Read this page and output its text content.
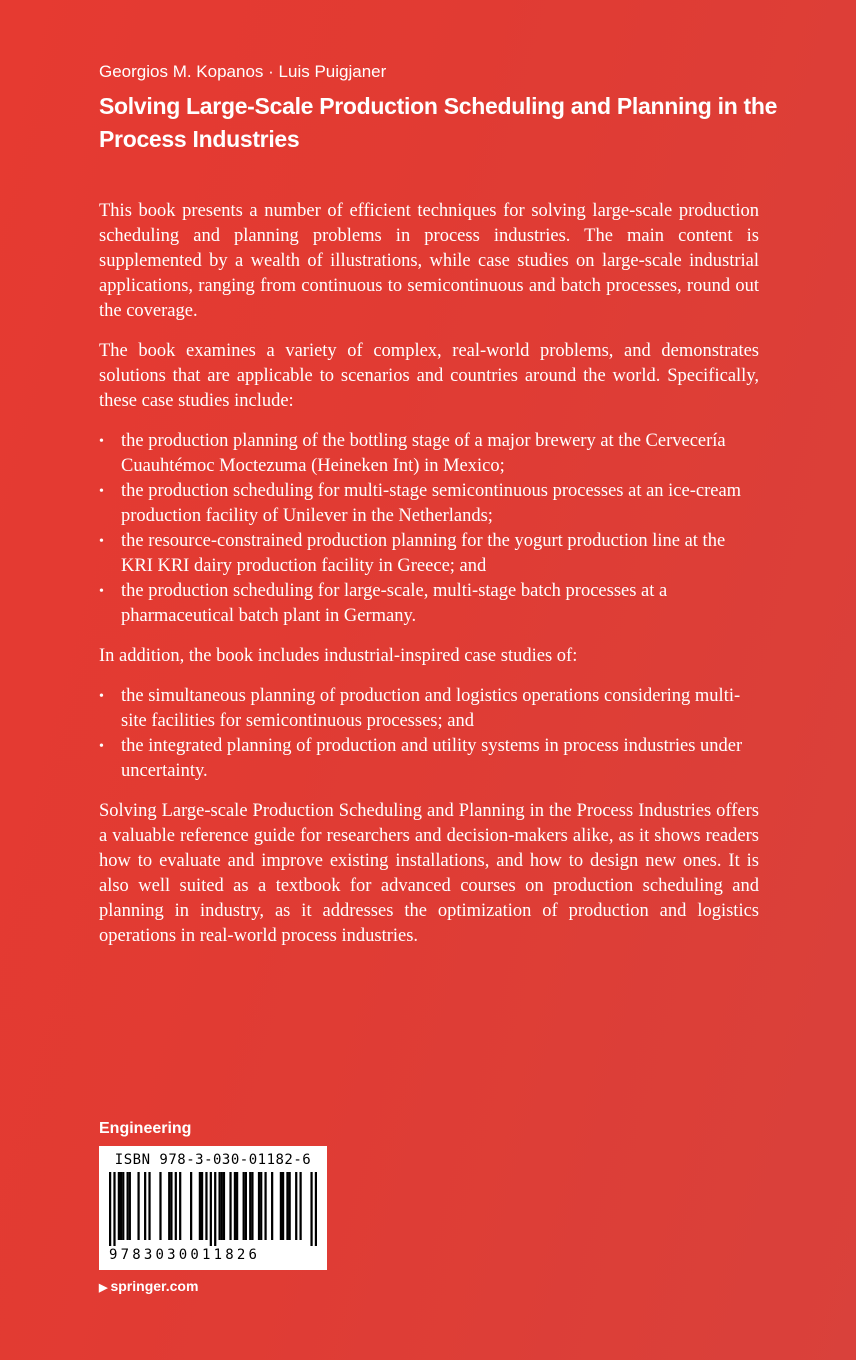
Georgios M. Kopanos · Luis Puigjaner
Solving Large-Scale Production Scheduling and Planning in the Process Industries

This book presents a number of efficient techniques for solving large-scale production scheduling and planning problems in process industries. The main content is supplemented by a wealth of illustrations, while case studies on large-scale industrial applications, ranging from continuous to semicontinuous and batch processes, round out the coverage.

The book examines a variety of complex, real-world problems, and demonstrates solutions that are applicable to scenarios and countries around the world. Specifically, these case studies include:

• the production planning of the bottling stage of a major brewery at the Cervecería Cuauhtémoc Moctezuma (Heineken Int) in Mexico;
• the production scheduling for multi-stage semicontinuous processes at an ice-cream production facility of Unilever in the Netherlands;
• the resource-constrained production planning for the yogurt production line at the KRI KRI dairy production facility in Greece; and
• the production scheduling for large-scale, multi-stage batch processes at a pharmaceutical batch plant in Germany.

In addition, the book includes industrial-inspired case studies of:

• the simultaneous planning of production and logistics operations considering multi-site facilities for semicontinuous processes; and
• the integrated planning of production and utility systems in process industries under uncertainty.

Solving Large-scale Production Scheduling and Planning in the Process Industries offers a valuable reference guide for researchers and decision-makers alike, as it shows readers how to evaluate and improve existing installations, and how to design new ones. It is also well suited as a textbook for advanced courses on production scheduling and planning in industry, as it addresses the optimization of production and logistics operations in real-world process industries.

Engineering
ISBN 978-3-030-01182-6
9783030011826
▶ springer.com
